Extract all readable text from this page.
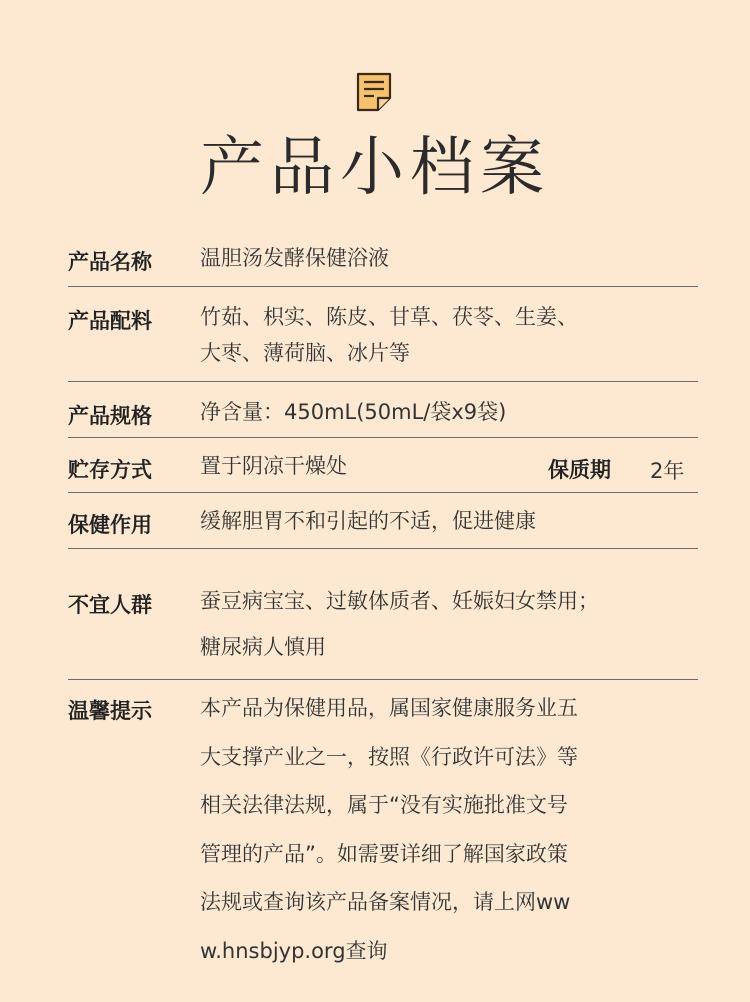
产品小档案
产品名称 温胆汤发酵保健浴液
产品配料 竹茹、枳实、陈皮、甘草、茯苓、生姜、
大枣、薄荷脑、冰片等
产品规格 净含量：450mL(50mL/袋x9袋)
贮存方式 置于阴凉干燥处	保质期 2年
保健作用 缓解胆胃不和引起的不适，促进健康
不宜人群 蚕豆病宝宝、过敏体质者、妊娠妇女禁用；
糖尿病人慎用
温馨提示 本产品为保健用品，属国家健康服务业五
大支撑产业之一，按照《行政许可法》等
相关法律法规，属于“没有实施批准文号
管理的产品”。如需要详细了解国家政策
法规或查询该产品备案情况，请上网ww
w.hnsbjyp.org查询
